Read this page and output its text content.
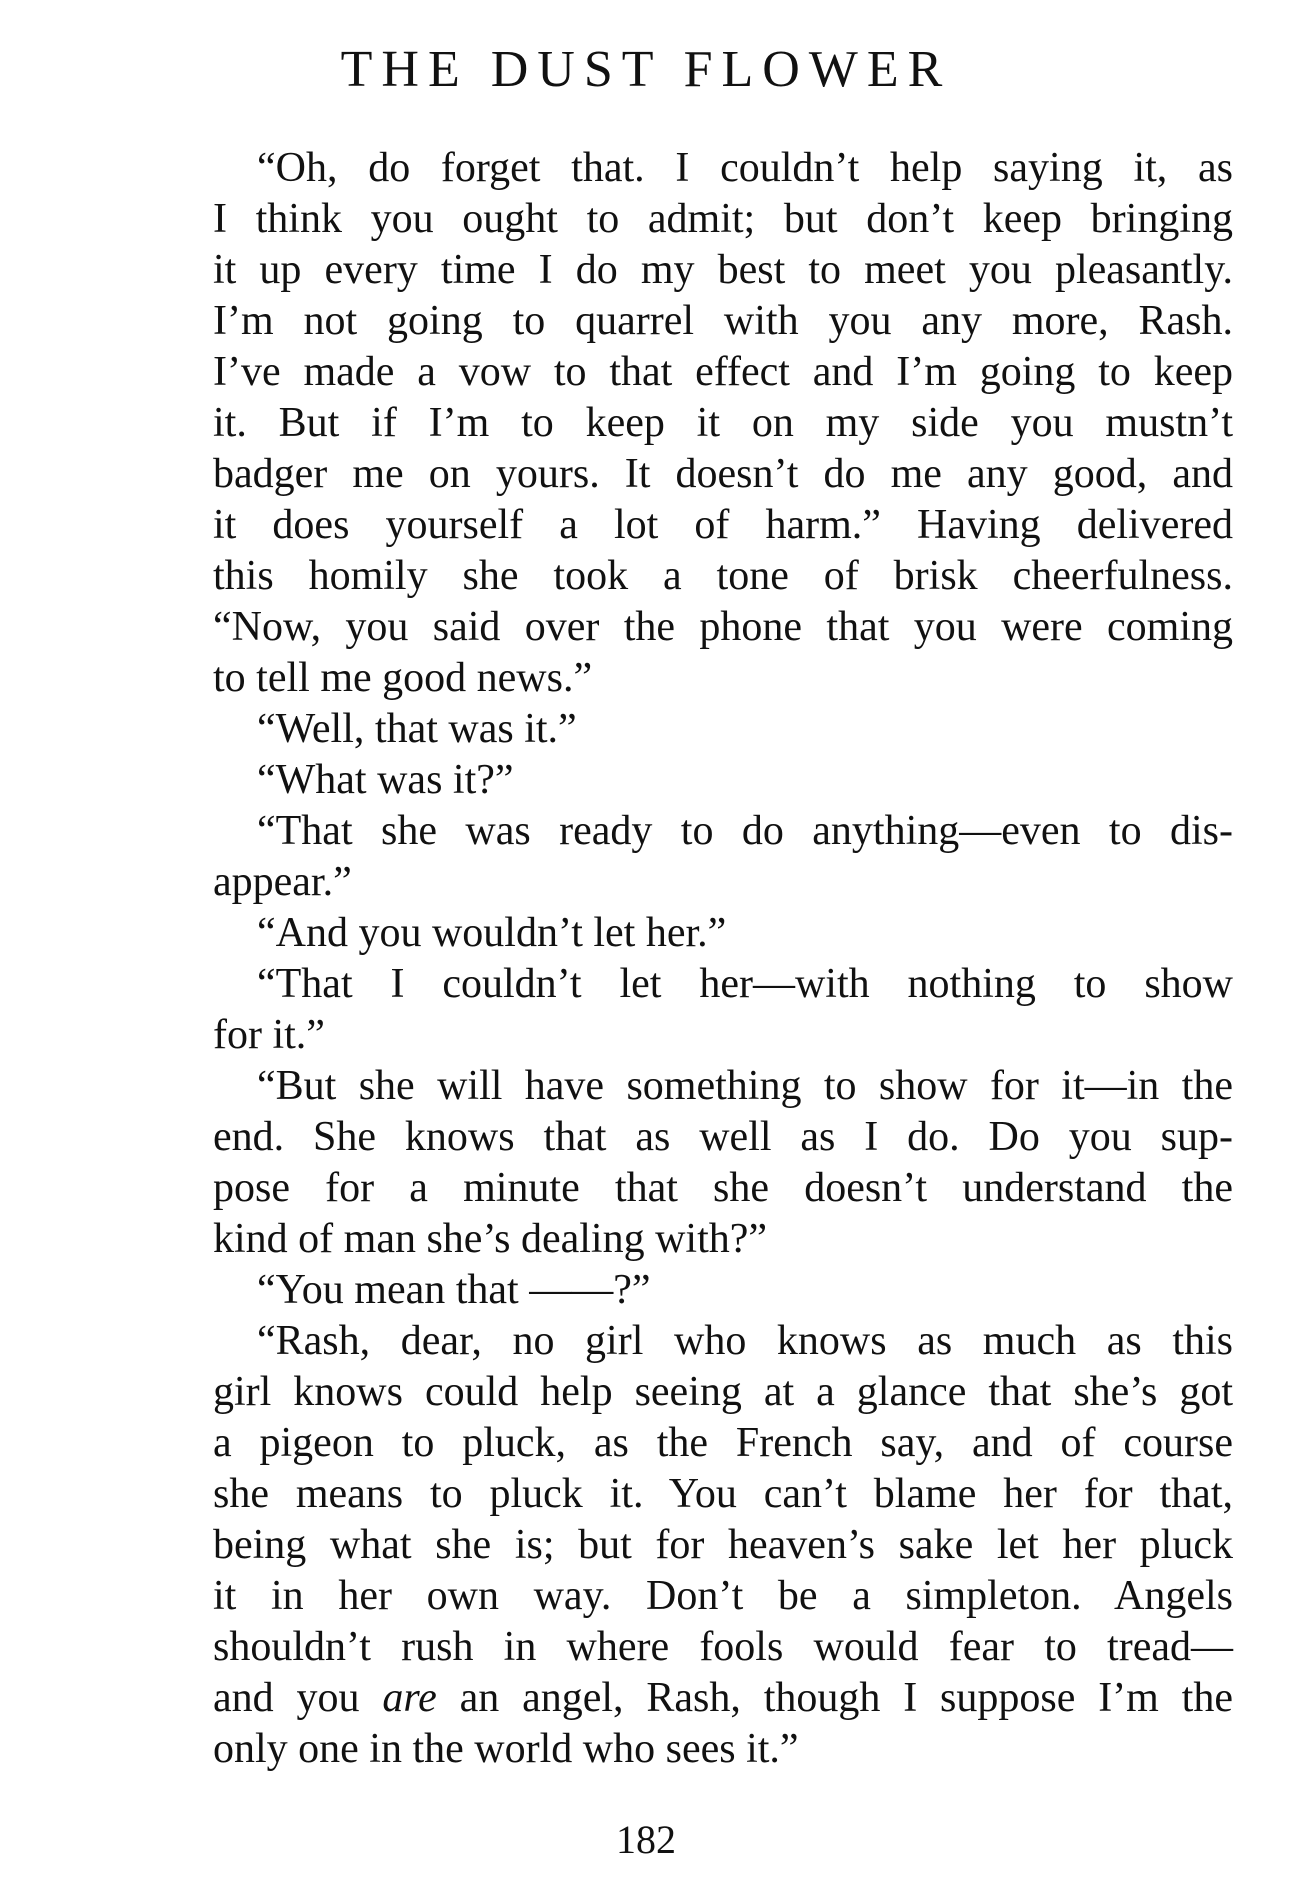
THE DUST FLOWER
“Oh, do forget that. I couldn’t help saying it, as
I think you ought to admit; but don’t keep bringing
it up every time I do my best to meet you pleasantly.
I’m not going to quarrel with you any more, Rash.
I’ve made a vow to that effect and I’m going to keep
it. But if I’m to keep it on my side you mustn’t
badger me on yours. It doesn’t do me any good, and
it does yourself a lot of harm.” Having delivered
this homily she took a tone of brisk cheerfulness.
“Now, you said over the phone that you were coming
to tell me good news.”
“Well, that was it.”
“What was it?”
“That she was ready to do anything—even to dis-
appear.”
“And you wouldn’t let her.”
“That I couldn’t let her—with nothing to show
for it.”
“But she will have something to show for it—in the
end. She knows that as well as I do. Do you sup-
pose for a minute that she doesn’t understand the
kind of man she’s dealing with?”
“You mean that ——?”
“Rash, dear, no girl who knows as much as this
girl knows could help seeing at a glance that she’s got
a pigeon to pluck, as the French say, and of course
she means to pluck it. You can’t blame her for that,
being what she is; but for heaven’s sake let her pluck
it in her own way. Don’t be a simpleton. Angels
shouldn’t rush in where fools would fear to tread—
and you are an angel, Rash, though I suppose I’m the
only one in the world who sees it.”
182
